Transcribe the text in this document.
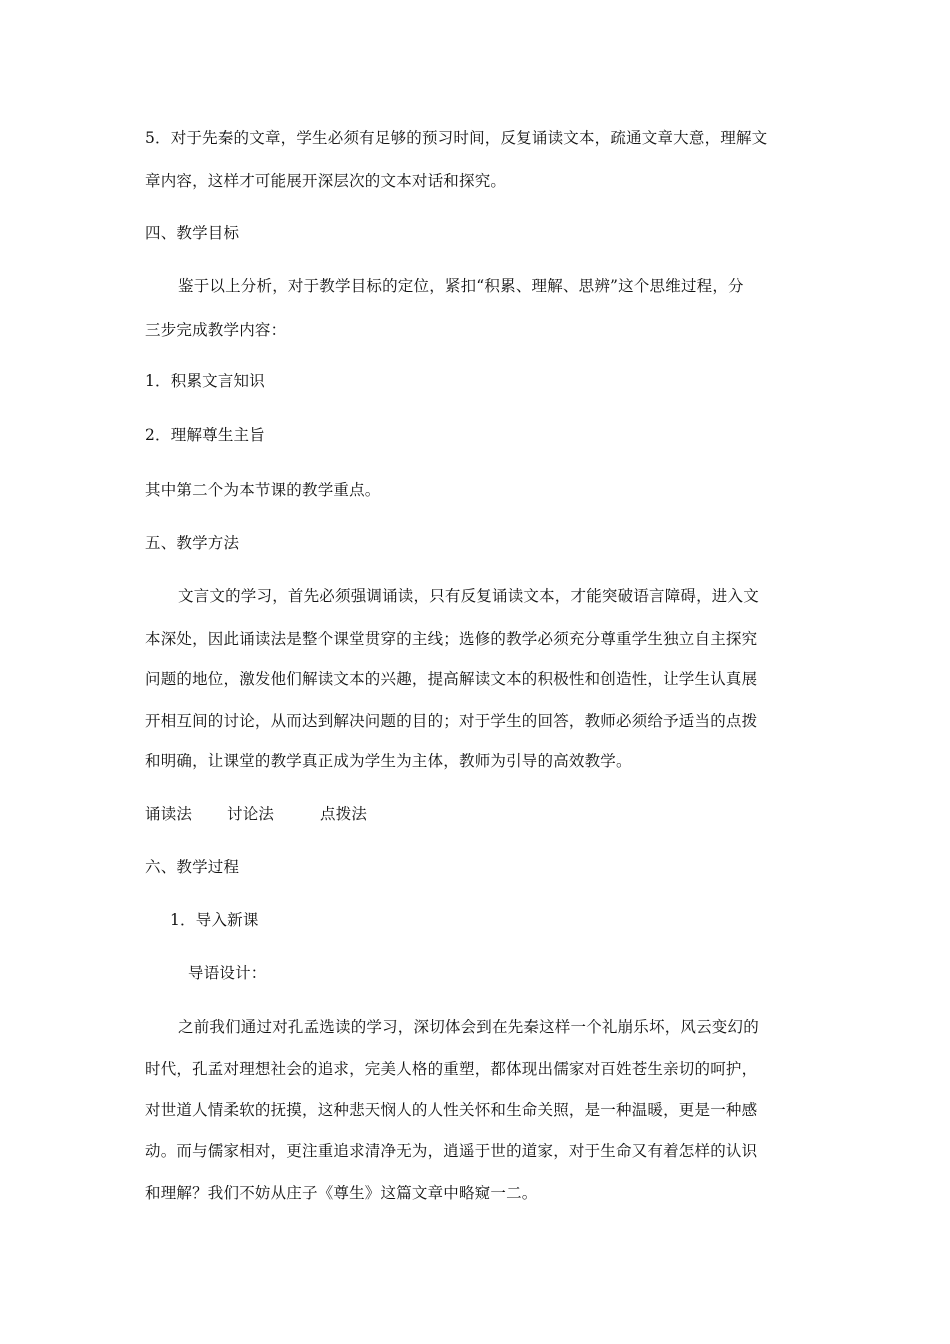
5．对于先秦的文章，学生必须有足够的预习时间，反复诵读文本，疏通文章大意，理解文
章内容，这样才可能展开深层次的文本对话和探究。
四、教学目标
鉴于以上分析，对于教学目标的定位，紧扣“积累、理解、思辨”这个思维过程，分
三步完成教学内容：
1．积累文言知识
2．理解尊生主旨
其中第二个为本节课的教学重点。
五、教学方法
文言文的学习，首先必须强调诵读，只有反复诵读文本，才能突破语言障碍，进入文
本深处，因此诵读法是整个课堂贯穿的主线；选修的教学必须充分尊重学生独立自主探究
问题的地位，激发他们解读文本的兴趣，提高解读文本的积极性和创造性，让学生认真展
开相互间的讨论，从而达到解决问题的目的；对于学生的回答，教师必须给予适当的点拨
和明确，让课堂的教学真正成为学生为主体，教师为引导的高效教学。
诵读法 讨论法	点拨法
六、教学过程
1．导入新课
导语设计：
之前我们通过对孔孟选读的学习，深切体会到在先秦这样一个礼崩乐坏，风云变幻的
时代，孔孟对理想社会的追求，完美人格的重塑，都体现出儒家对百姓苍生亲切的呵护，
对世道人情柔软的抚摸，这种悲天悯人的人性关怀和生命关照，是一种温暖，更是一种感
动。而与儒家相对，更注重追求清净无为，逍遥于世的道家，对于生命又有着怎样的认识
和理解？我们不妨从庄子《尊生》这篇文章中略窥一二。
